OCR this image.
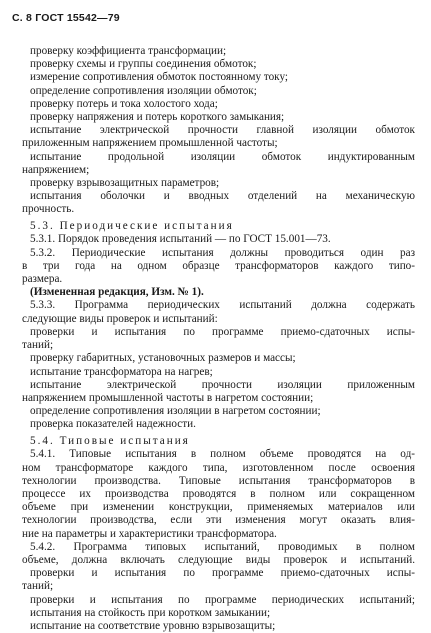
С. 8 ГОСТ 15542—79
проверку коэффициента трансформации;
проверку схемы и группы соединения обмоток;
измерение сопротивления обмоток постоянному току;
определение сопротивления изоляции обмоток;
проверку потерь и тока холостого хода;
проверку напряжения и потерь короткого замыкания;
испытание электрической прочности главной изоляции обмоток
приложенным напряжением промышленной частоты;
испытание продольной изоляции обмоток индуктированным
напряжением;
проверку взрывозащитных параметров;
испытания оболочки и вводных отделений на механическую
прочность.
5.3. Периодические испытания
5.3.1. Порядок проведения испытаний — по ГОСТ 15.001—73.
5.3.2. Периодические испытания должны проводиться один раз
в три года на одном образце трансформаторов каждого типо-
размера.
(Измененная редакция, Изм. № 1).
5.3.3. Программа периодических испытаний должна содержать
следующие виды проверок и испытаний:
проверки и испытания по программе приемо-сдаточных испы-
таний;
проверку габаритных, установочных размеров и массы;
испытание трансформатора на нагрев;
испытание электрической прочности изоляции приложенным
напряжением промышленной частоты в нагретом состоянии;
определение сопротивления изоляции в нагретом состоянии;
проверка показателей надежности.
5.4. Типовые испытания
5.4.1. Типовые испытания в полном объеме проводятся на од-
ном трансформаторе каждого типа, изготовленном после освоения
технологии производства. Типовые испытания трансформаторов в
процессе их производства проводятся в полном или сокращенном
объеме при изменении конструкции, применяемых материалов или
технологии производства, если эти изменения могут оказать влия-
ние на параметры и характеристики трансформатора.
5.4.2. Программа типовых испытаний, проводимых в полном
объеме, должна включать следующие виды проверок и испытаний.
проверки и испытания по программе приемо-сдаточных испы-
таний;
проверки и испытания по программе периодических испытаний;
испытания на стойкость при коротком замыкании;
испытание на соответствие уровню взрывозащиты;
